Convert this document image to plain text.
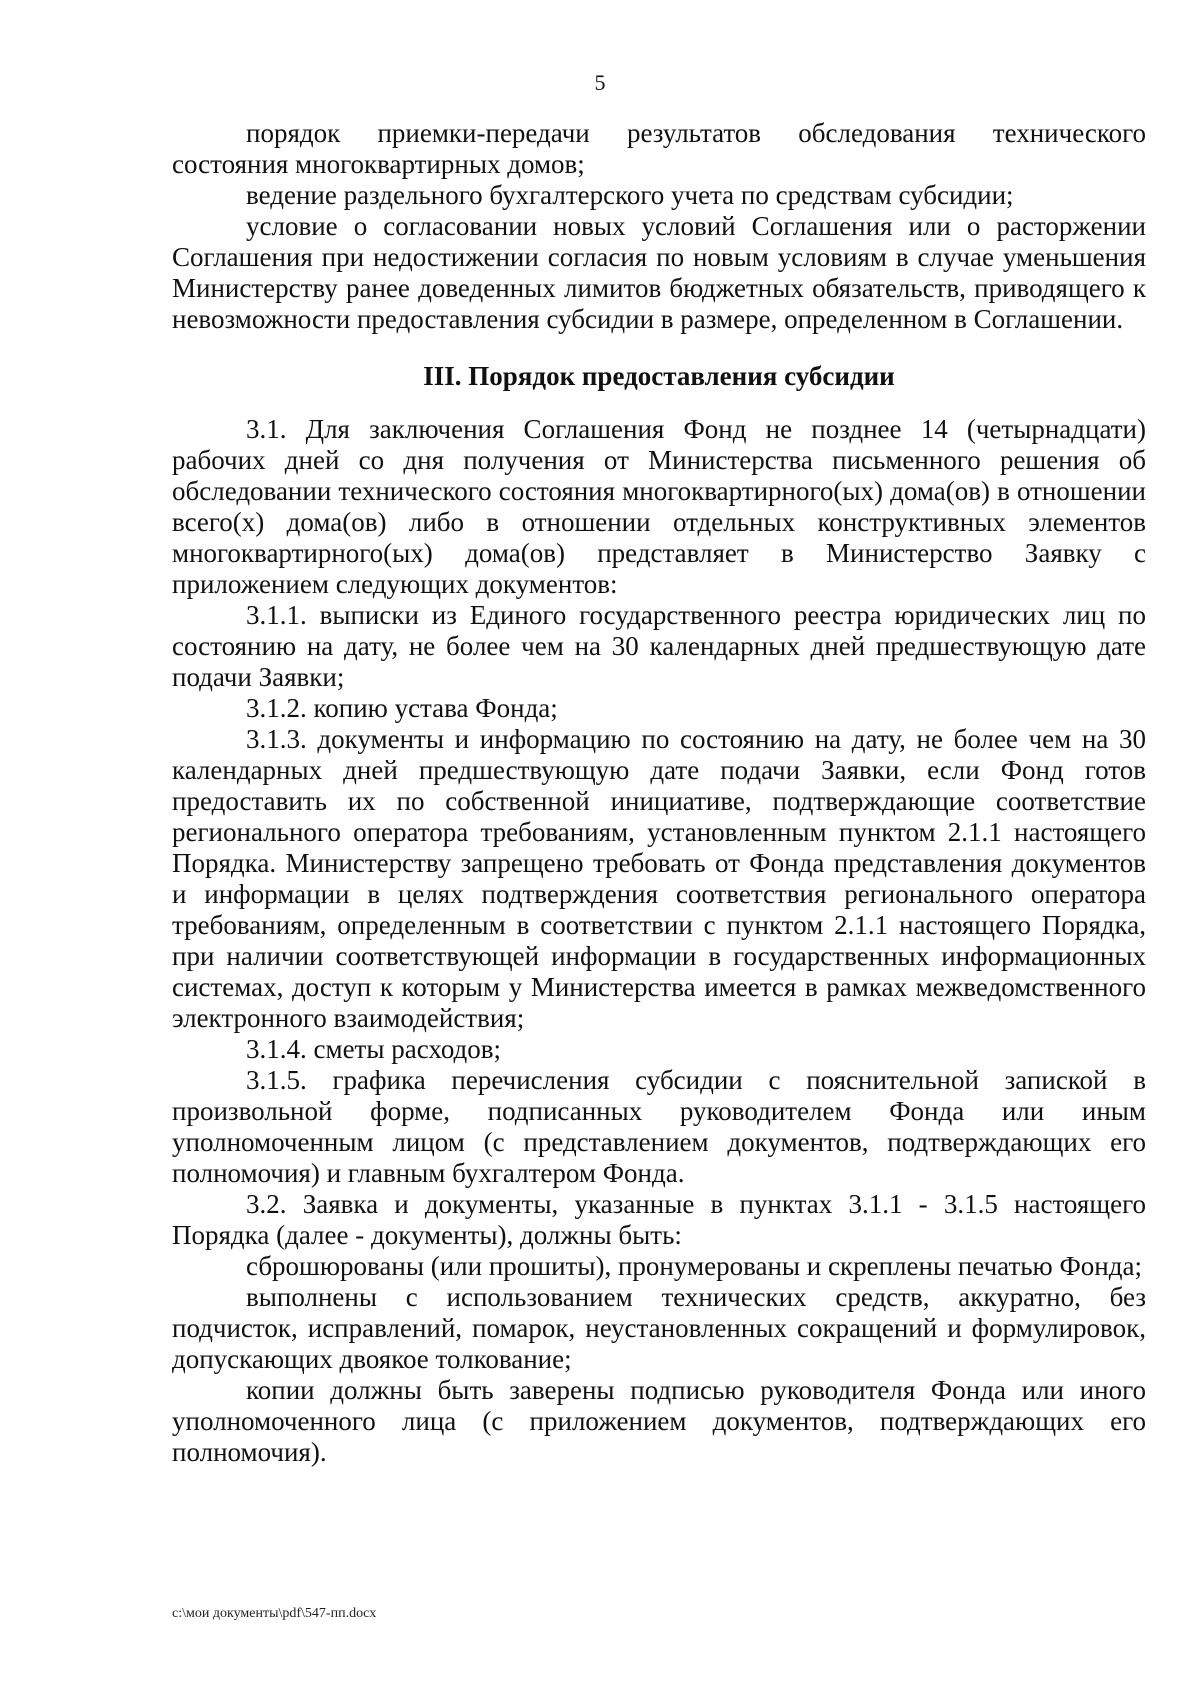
5

порядок приемки-передачи результатов обследования технического состояния многоквартирных домов;

ведение раздельного бухгалтерского учета по средствам субсидии;

условие о согласовании новых условий Соглашения или о расторжении Соглашения при недостижении согласия по новым условиям в случае уменьшения Министерству ранее доведенных лимитов бюджетных обязательств, приводящего к невозможности предоставления субсидии в размере, определенном в Соглашении.

III. Порядок предоставления субсидии

3.1. Для заключения Соглашения Фонд не позднее 14 (четырнадцати) рабочих дней со дня получения от Министерства письменного решения об обследовании технического состояния многоквартирного(ых) дома(ов) в отношении всего(х) дома(ов) либо в отношении отдельных конструктивных элементов многоквартирного(ых) дома(ов) представляет в Министерство Заявку с приложением следующих документов:

3.1.1. выписки из Единого государственного реестра юридических лиц по состоянию на дату, не более чем на 30 календарных дней предшествующую дате подачи Заявки;

3.1.2. копию устава Фонда;

3.1.3. документы и информацию по состоянию на дату, не более чем на 30 календарных дней предшествующую дате подачи Заявки, если Фонд готов предоставить их по собственной инициативе, подтверждающие соответствие регионального оператора требованиям, установленным пунктом 2.1.1 настоящего Порядка. Министерству запрещено требовать от Фонда представления документов и информации в целях подтверждения соответствия регионального оператора требованиям, определенным в соответствии с пунктом 2.1.1 настоящего Порядка, при наличии соответствующей информации в государственных информационных системах, доступ к которым у Министерства имеется в рамках межведомственного электронного взаимодействия;

3.1.4. сметы расходов;

3.1.5. графика перечисления субсидии с пояснительной запиской в произвольной форме, подписанных руководителем Фонда или иным уполномоченным лицом (с представлением документов, подтверждающих его полномочия) и главным бухгалтером Фонда.

3.2. Заявка и документы, указанные в пунктах 3.1.1 - 3.1.5 настоящего Порядка (далее - документы), должны быть:

сброшюрованы (или прошиты), пронумерованы и скреплены печатью Фонда;

выполнены с использованием технических средств, аккуратно, без подчисток, исправлений, помарок, неустановленных сокращений и формулировок, допускающих двоякое толкование;

копии должны быть заверены подписью руководителя Фонда или иного уполномоченного лица (с приложением документов, подтверждающих его полномочия).

c:\мои документы\pdf\547-пп.docx
